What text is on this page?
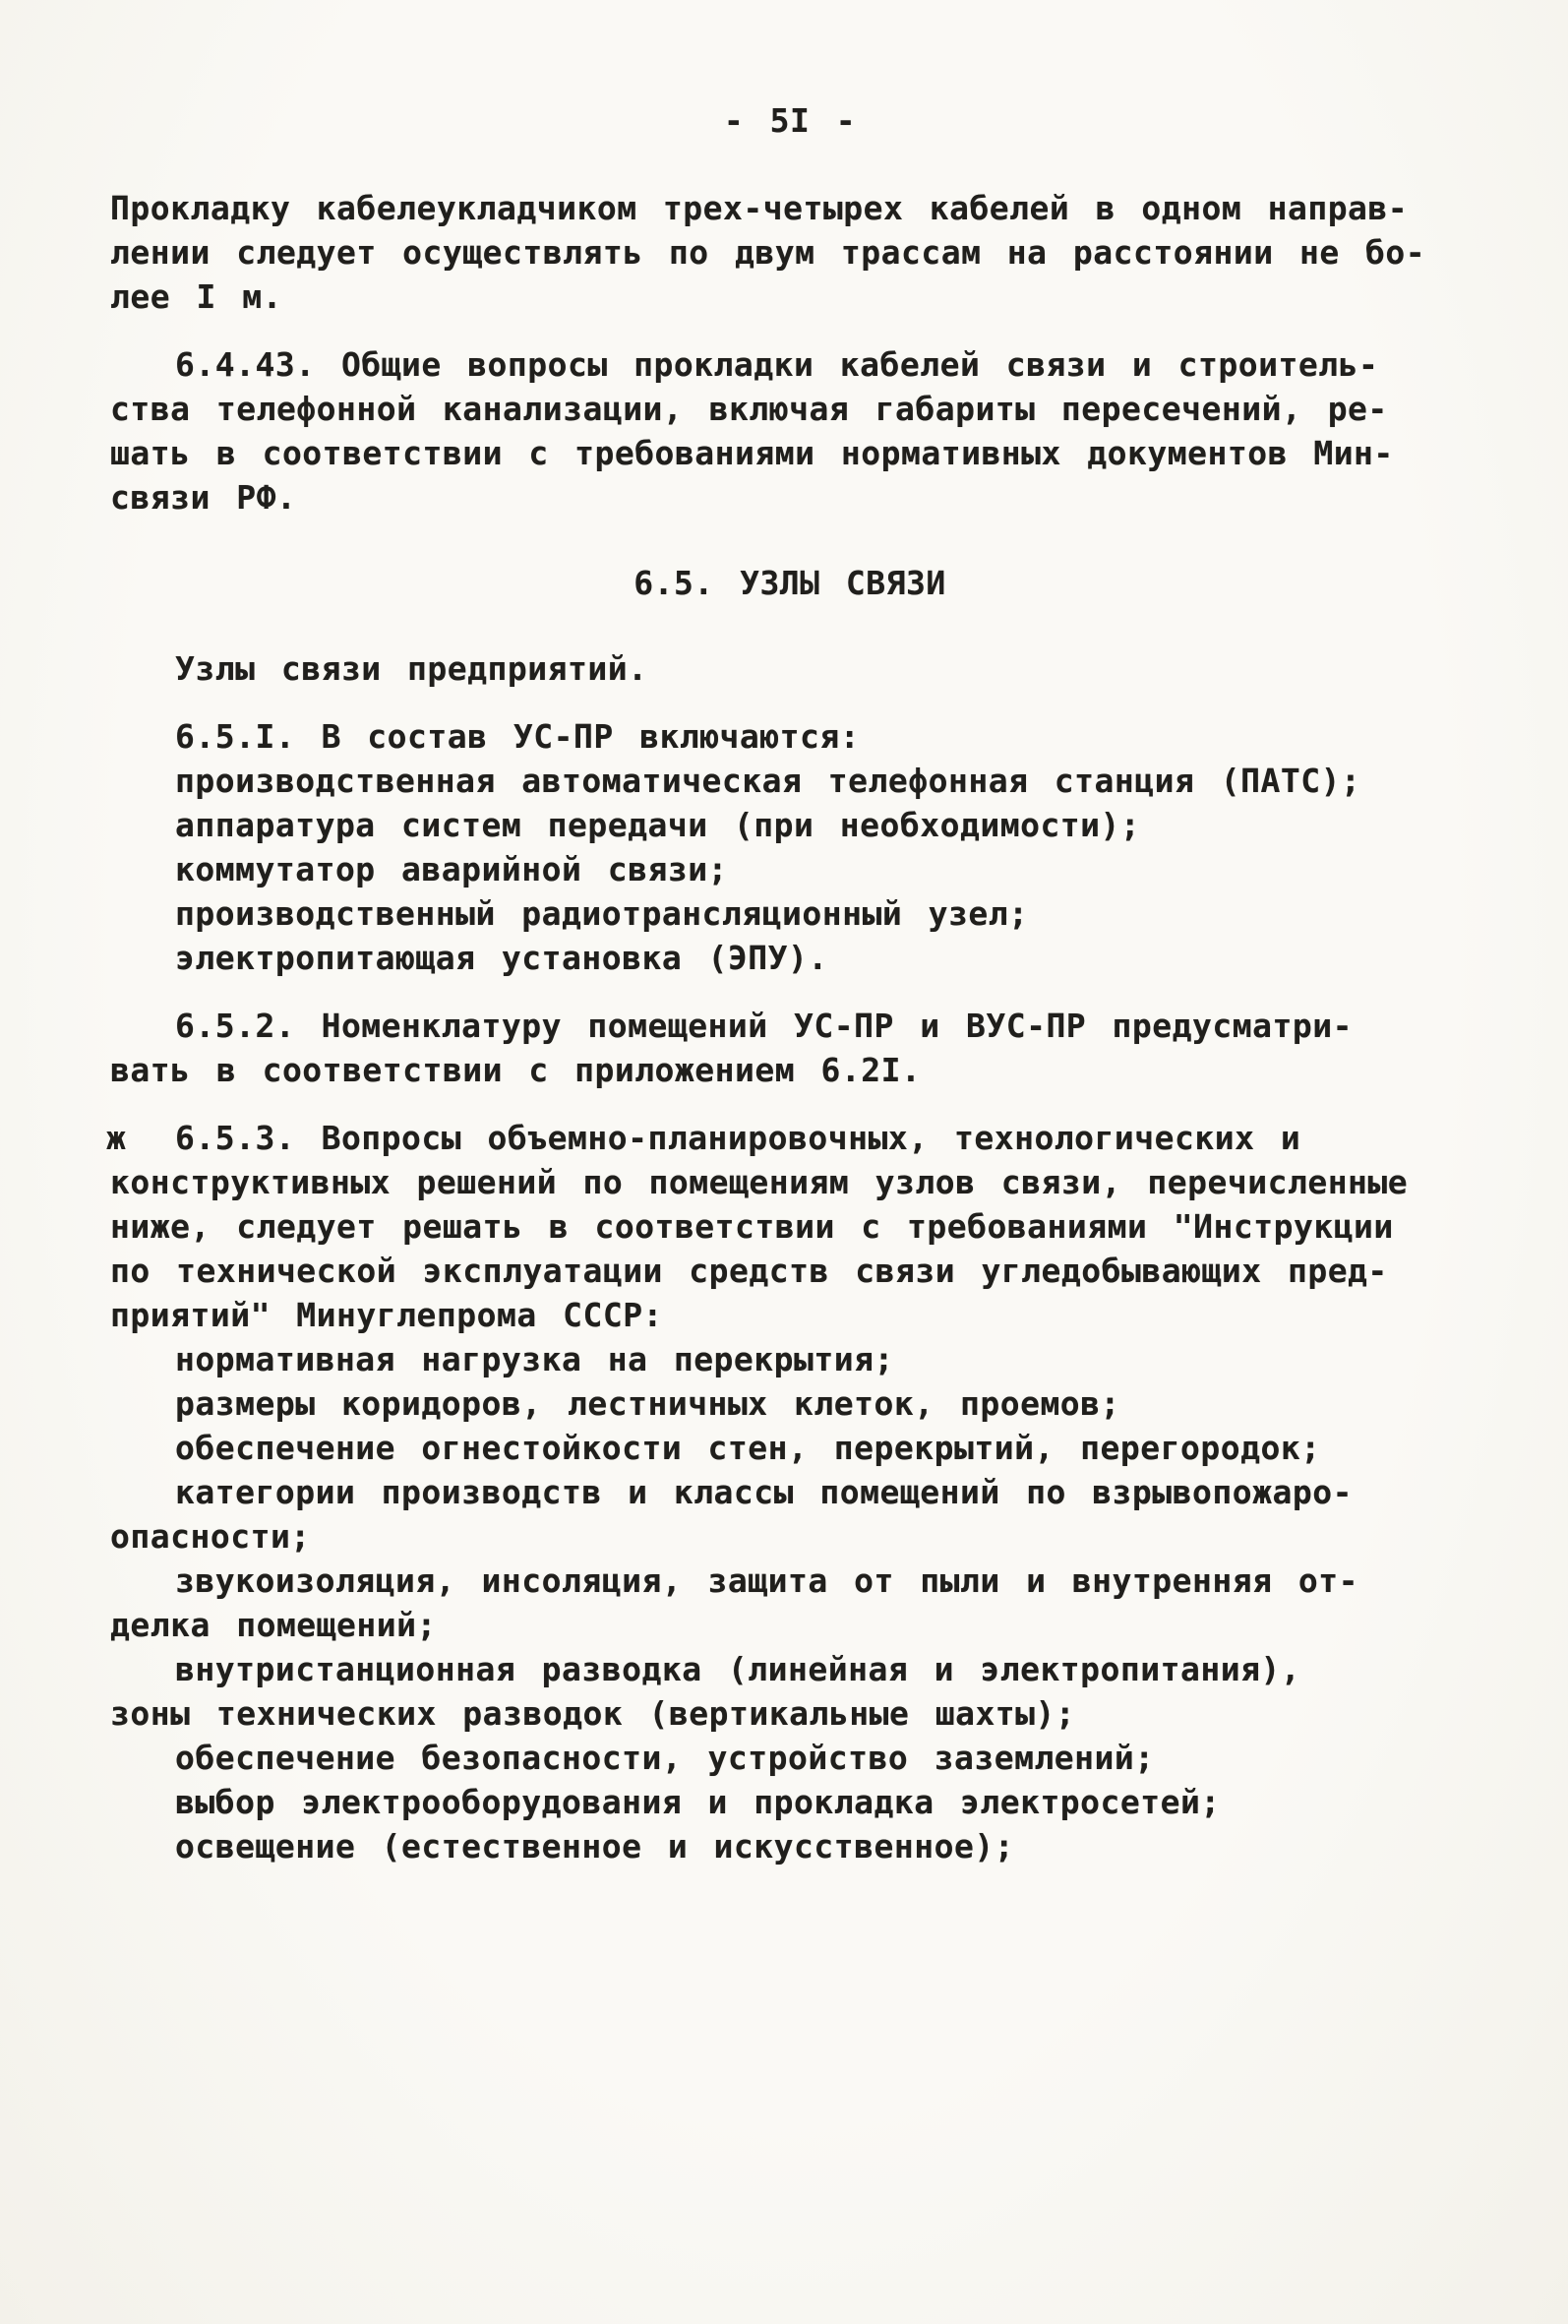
- 5I -
Прокладку кабелеукладчиком трех-четырех кабелей в одном направ-
лении следует осуществлять по двум трассам на расстоянии не бо-
лее I м.
6.4.43. Общие вопросы прокладки кабелей связи и строитель-
ства телефонной канализации, включая габариты пересечений, ре-
шать в соответствии с требованиями нормативных документов Мин-
связи РФ.
6.5. УЗЛЫ СВЯЗИ
Узлы связи предприятий.
6.5.I. В состав УС-ПР включаются:
производственная автоматическая телефонная станция (ПАТС);
аппаратура систем передачи (при необходимости);
коммутатор аварийной связи;
производственный радиотрансляционный узел;
электропитающая установка (ЭПУ).
6.5.2. Номенклатуру помещений УС-ПР и ВУС-ПР предусматри-
вать в соответствии с приложением 6.2I.
ж	6.5.3. Вопросы объемно-планировочных, технологических и
конструктивных решений по помещениям узлов связи, перечисленные
ниже, следует решать в соответствии с требованиями "Инструкции
по технической эксплуатации средств связи угледобывающих пред-
приятий" Минуглепрома СССР:
нормативная нагрузка на перекрытия;
размеры коридоров, лестничных клеток, проемов;
обеспечение огнестойкости стен, перекрытий, перегородок;
категории производств и классы помещений по взрывопожаро-
опасности;
звукоизоляция, инсоляция, защита от пыли и внутренняя от-
делка помещений;
внутристанционная разводка (линейная и электропитания),
зоны технических разводок (вертикальные шахты);
обеспечение безопасности, устройство заземлений;
выбор электрооборудования и прокладка электросетей;
освещение (естественное и искусственное);
